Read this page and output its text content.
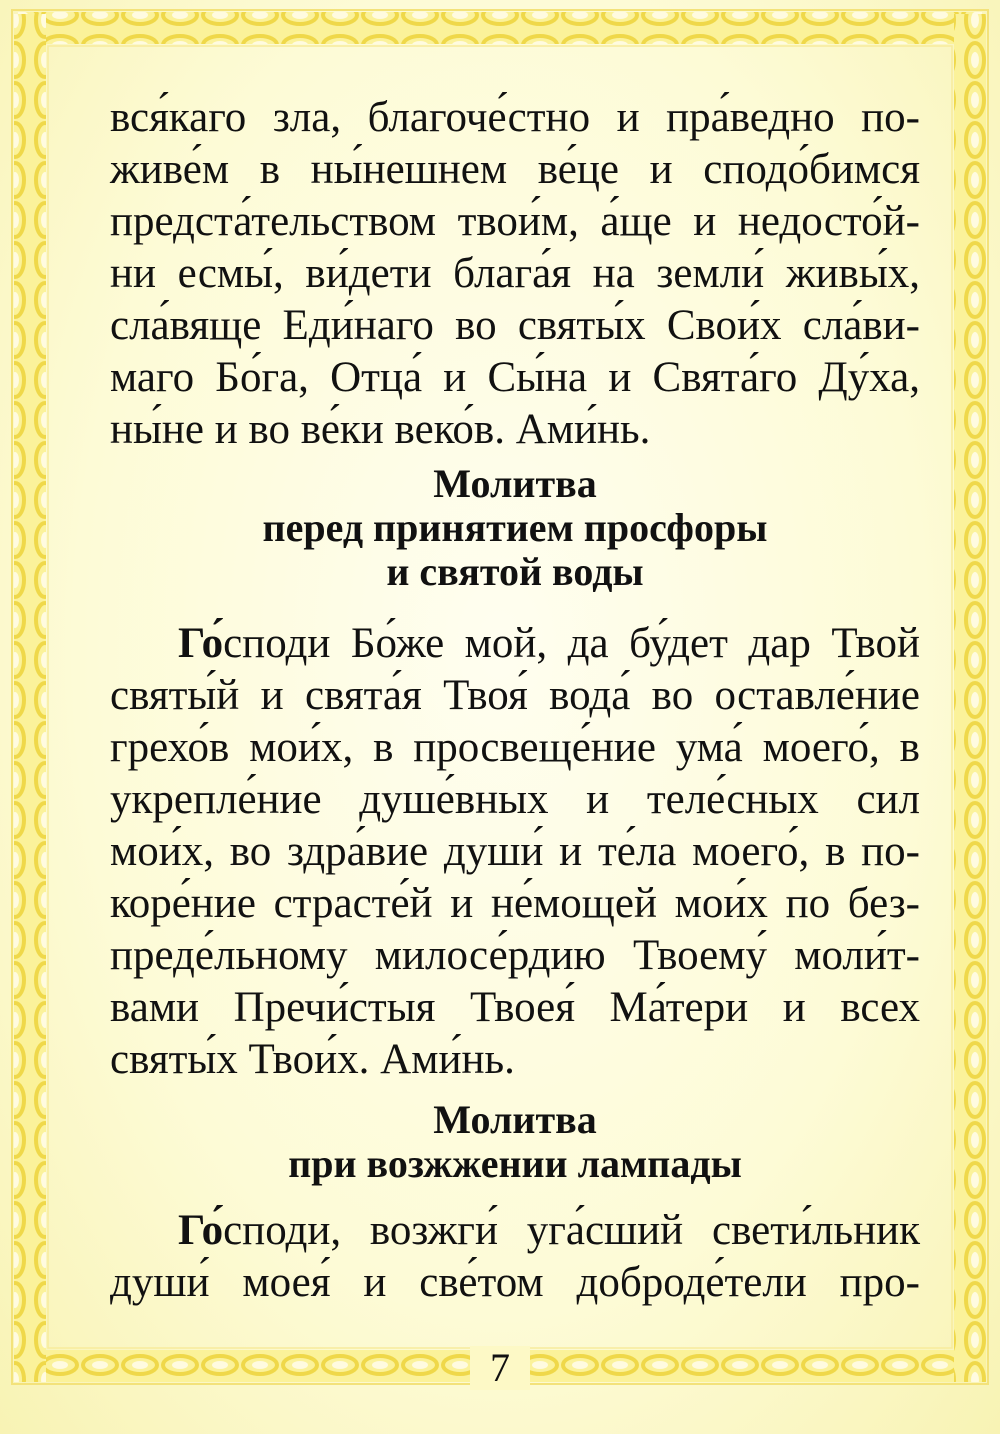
вся́каго зла, благоче́стно и пра́ведно по-
живе́м в ны́нешнем ве́це и сподо́бимся
предста́тельством твои́м, а́ще и недосто́й-
ни есмы́, ви́дети блага́я на земли́ живы́х,
сла́вяще Еди́наго во святы́х Свои́х сла́ви-
маго Бо́га, Отца́ и Сы́на и Свята́го Ду́ха,
ны́не и во ве́ки веко́в. Ами́нь.
Молитва
перед принятием просфоры
и святой воды
Го́споди Бо́же мой, да бу́дет дар Твой
святы́й и свята́я Твоя́ вода́ во оставле́ние
грехо́в мои́х, в просвеще́ние ума́ моего́, в
укрепле́ние душе́вных и теле́сных сил
мои́х, во здра́вие души́ и те́ла моего́, в по-
коре́ние страсте́й и не́мощей мои́х по без-
преде́льному милосе́рдию Твоему́ моли́т-
вами Пречи́стыя Твоея́ Ма́тери и всех
святы́х Твои́х. Ами́нь.
Молитва
при возжжении лампады
Го́споди, возжги́ уга́сший свети́льник
души́ моея́ и све́том доброде́тели про-
7
